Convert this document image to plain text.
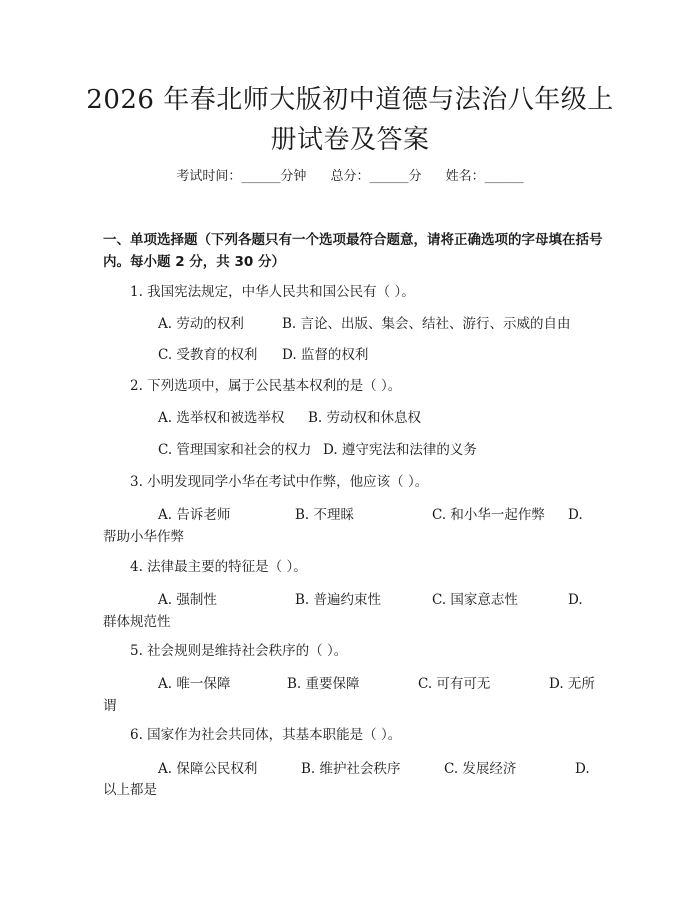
2026 年春北师大版初中道德与法治八年级上
册试卷及答案
考试时间：______分钟 总分：______分 姓名：______
一、单项选择题（下列各题只有一个选项最符合题意，请将正确选项的字母填在括号内。每小题 2 分，共 30 分）
1. 我国宪法规定，中华人民共和国公民有（ ）。
A. 劳动的权利	B. 言论、出版、集会、结社、游行、示威的自由
C. 受教育的权利 D. 监督的权利
2. 下列选项中，属于公民基本权利的是（ ）。
A. 选举权和被选举权 B. 劳动权和休息权
C. 管理国家和社会的权力 D. 遵守宪法和法律的义务
3. 小明发现同学小华在考试中作弊，他应该（ ）。
A. 告诉老师	B. 不理睬	C. 和小华一起作弊 D.
帮助小华作弊
4. 法律最主要的特征是（ ）。
A. 强制性	B. 普遍约束性	C. 国家意志性	D.
群体规范性
5. 社会规则是维持社会秩序的（ ）。
A. 唯一保障	B. 重要保障	C. 可有可无	D. 无所
谓
6. 国家作为社会共同体，其基本职能是（ ）。
A. 保障公民权利	B. 维护社会秩序	C. 发展经济	D.
以上都是
